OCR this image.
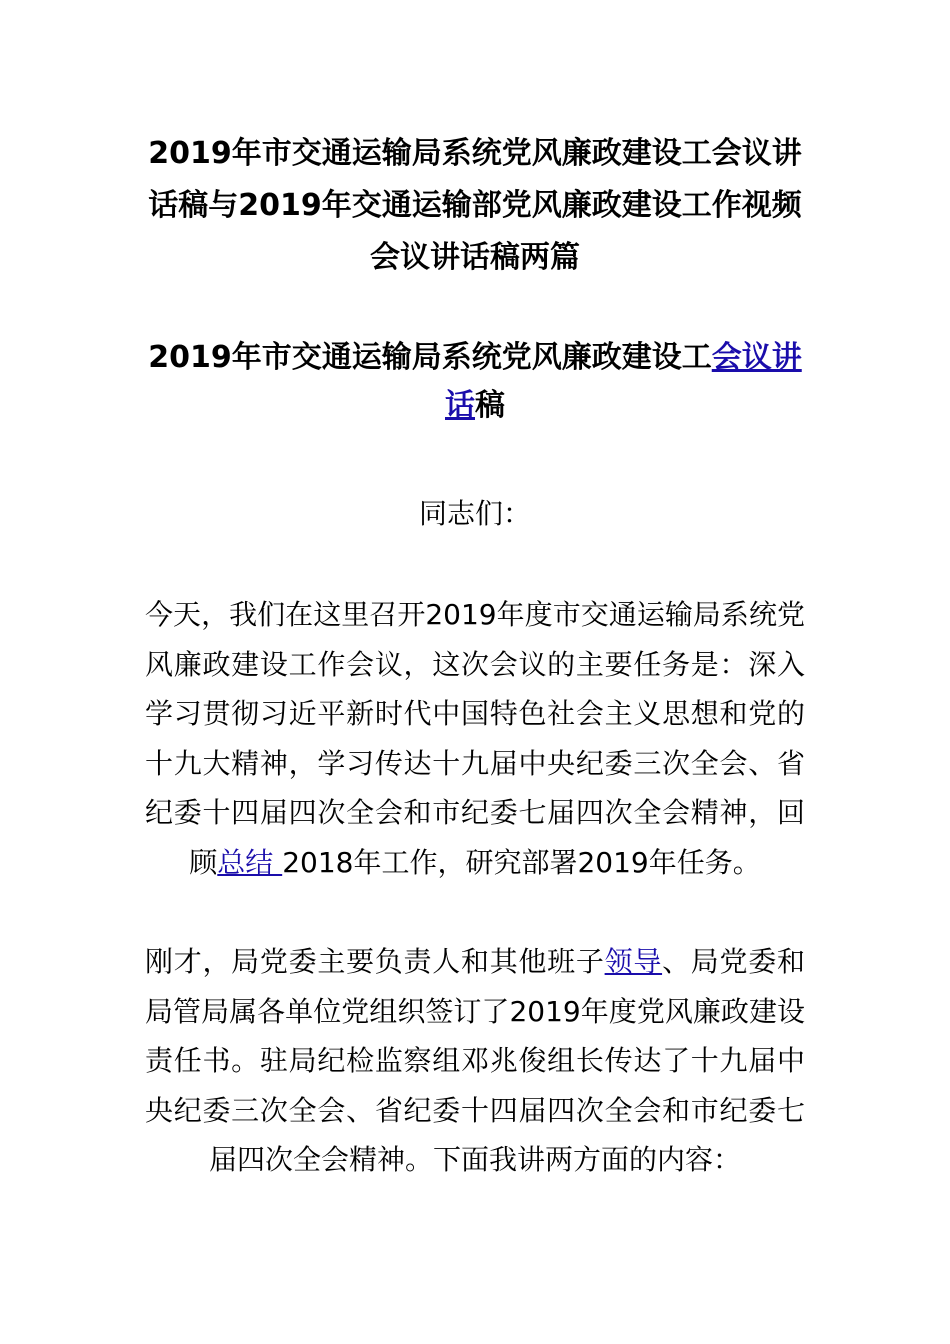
2019年市交通运输局系统党风廉政建设工会议讲话稿与2019年交通运输部党风廉政建设工作视频会议讲话稿两篇
2019年市交通运输局系统党风廉政建设工会议讲话稿

同志们：

今天，我们在这里召开2019年度市交通运输局系统党风廉政建设工作会议，这次会议的主要任务是：深入学习贯彻习近平新时代中国特色社会主义思想和党的十九大精神，学习传达十九届中央纪委三次全会、省纪委十四届四次全会和市纪委七届四次全会精神，回顾总结 2018年工作，研究部署2019年任务。

刚才，局党委主要负责人和其他班子领导、局党委和局管局属各单位党组织签订了2019年度党风廉政建设责任书。驻局纪检监察组邓兆俊组长传达了十九届中央纪委三次全会、省纪委十四届四次全会和市纪委七届四次全会精神。下面我讲两方面的内容：
